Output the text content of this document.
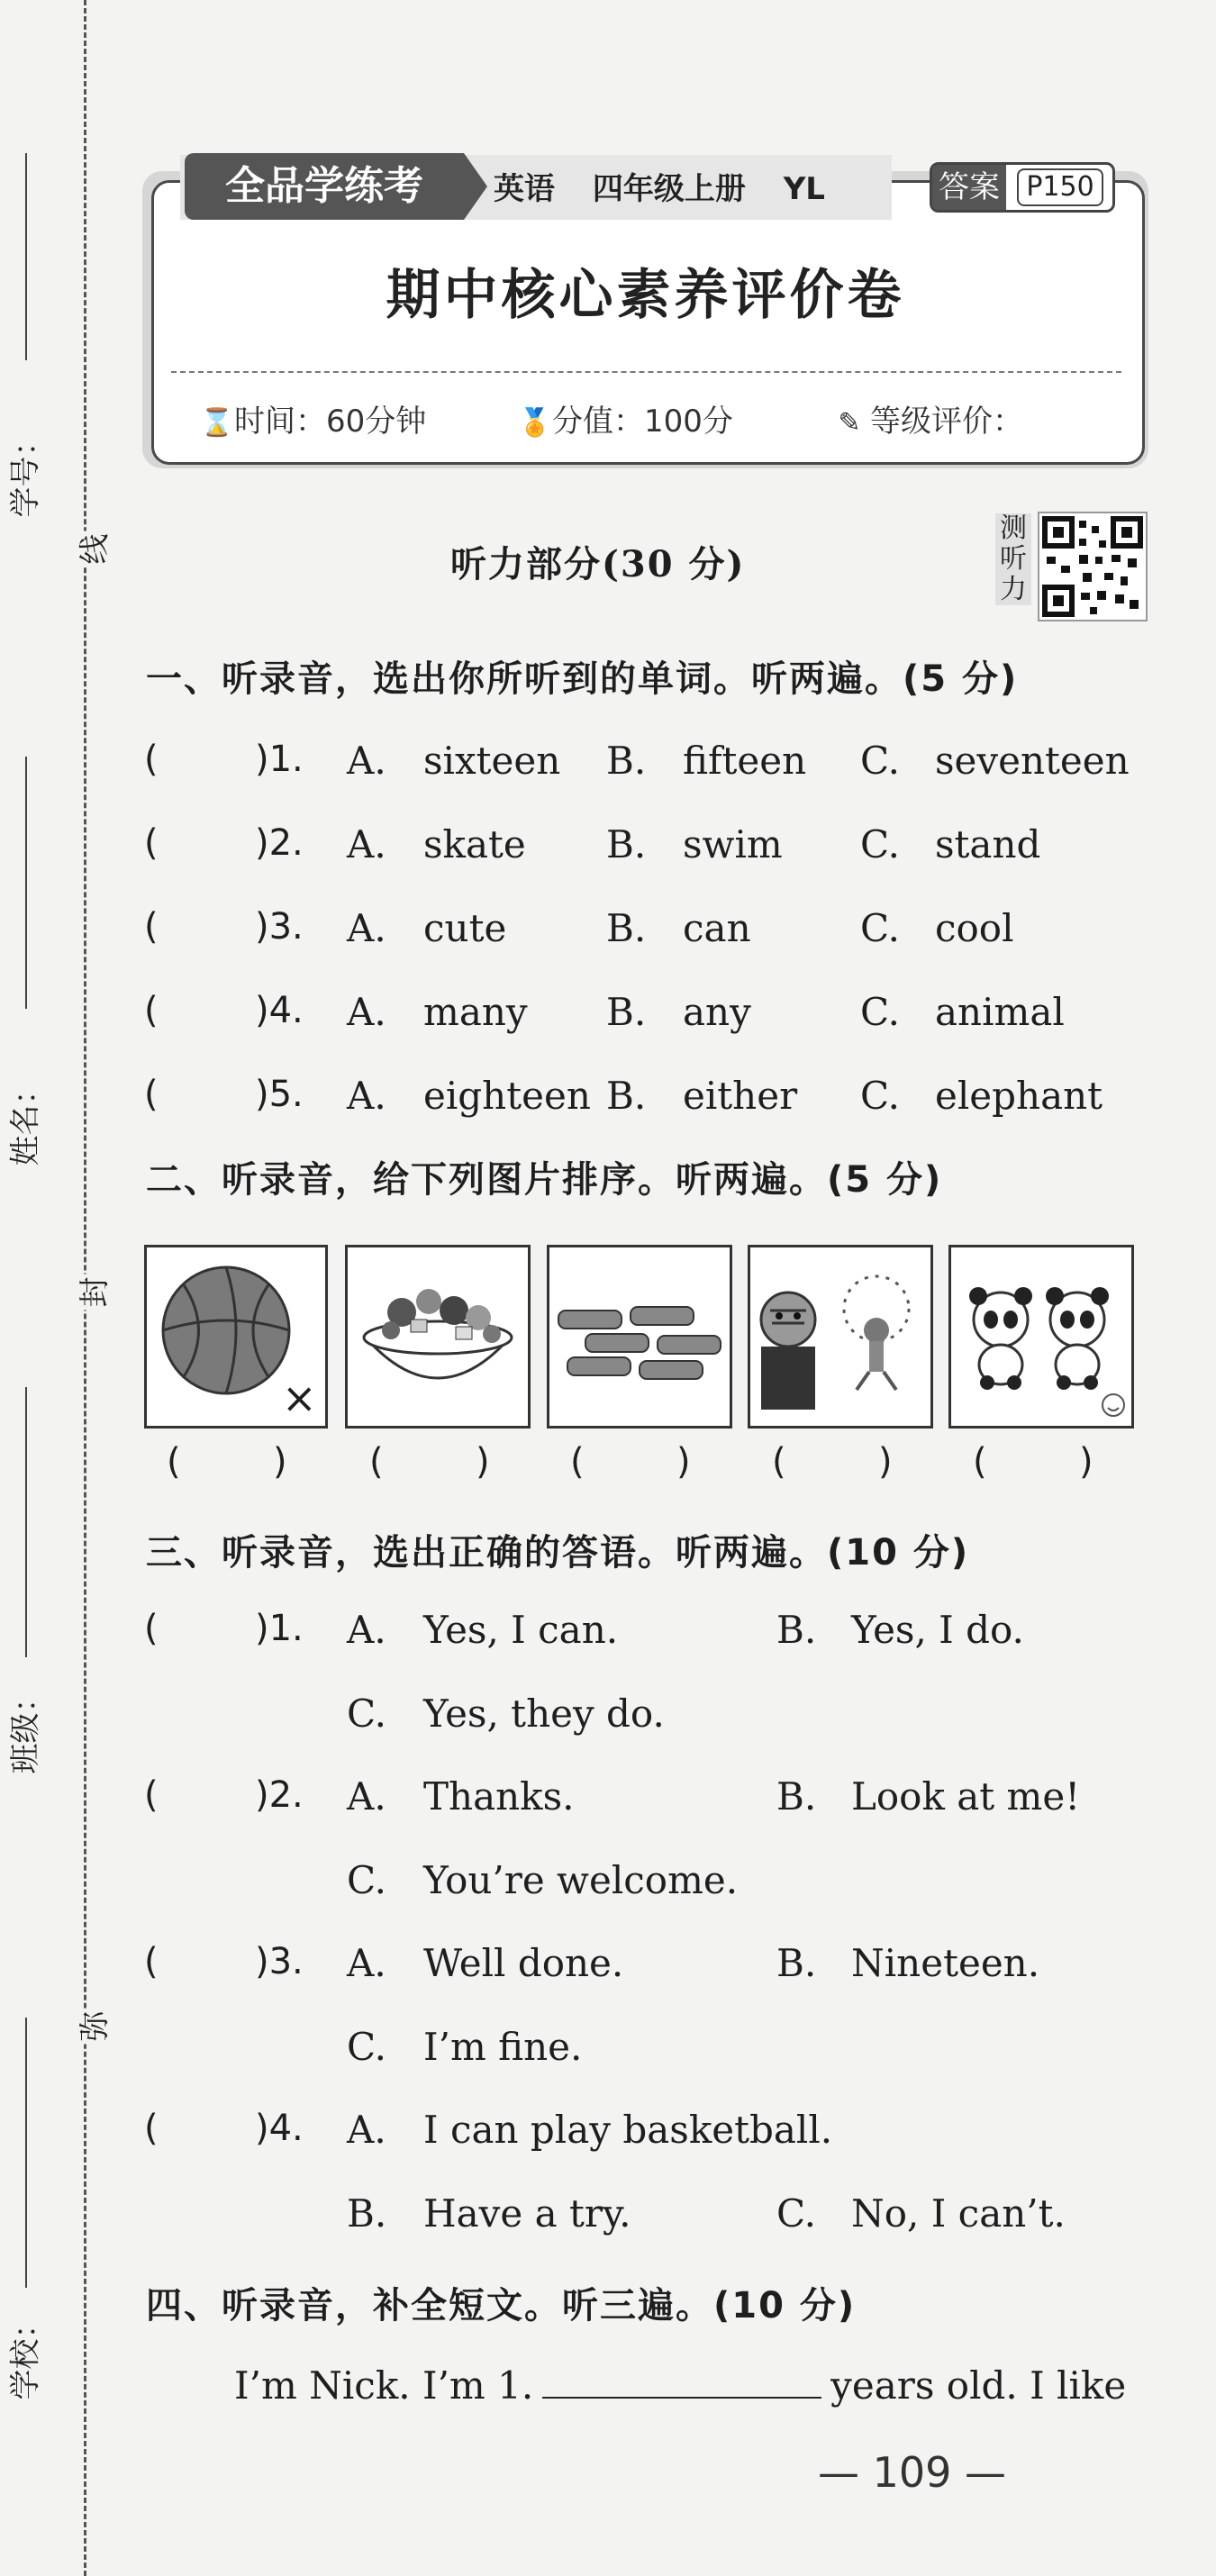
学号：
姓名：
班级：
学校：
线
封
弥
全品学练考	英语 四年级上册 YL	答案 P150
期中核心素养评价卷
⌛时间：60分钟	🏅分值：100分	✎ 等级评价：
听力部分(30 分)
测听力
一、听录音，选出你所听到的单词。听两遍。(5 分)
(	)1. A. sixteen B. fifteen C. seventeen
(	)2. A. skate B. swim C. stand
(	)3. A. cute	B. can	C. cool
(	)4. A. many B. any	C. animal
(	)5. A. eighteen B. either C. elephant
二、听录音，给下列图片排序。听两遍。(5 分)
×
(	) (	) (	) (	) (	)
三、听录音，选出正确的答语。听两遍。(10 分)
(	)1. A. Yes, I can.	B. Yes, I do.
C. Yes, they do.
(	)2. A. Thanks.	B. Look at me!
C. You’re welcome.
(	)3. A. Well done.	B. Nineteen.
C. I’m fine.
(	)4. A. I can play basketball.
B. Have a try.	C. No, I can’t.
四、听录音，补全短文。听三遍。(10 分)
I’m Nick. I’m 1.	years old. I like
— 109 —
